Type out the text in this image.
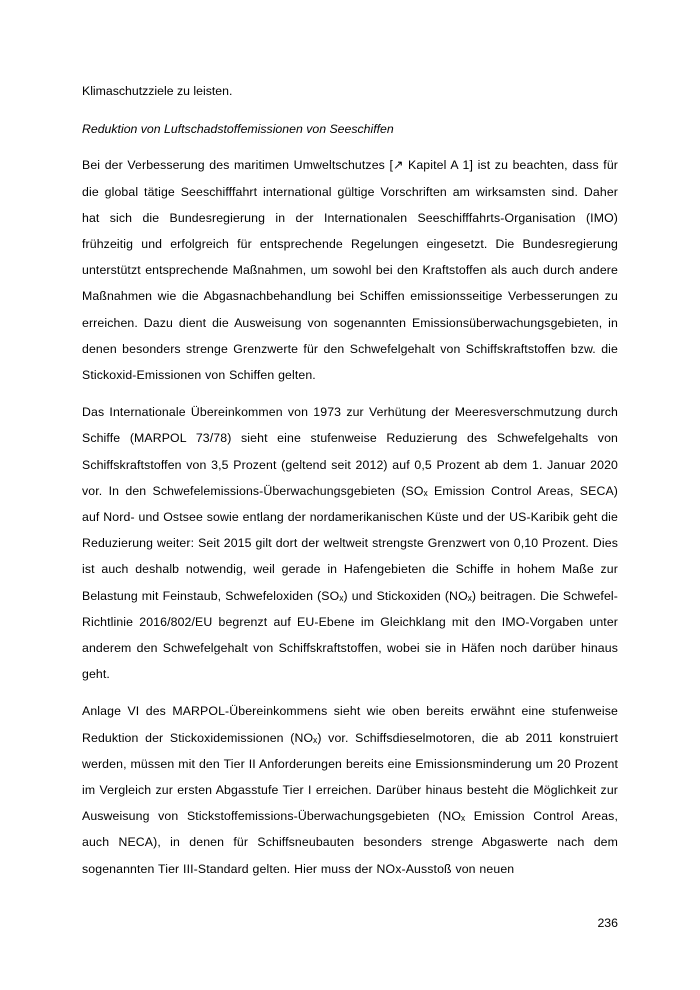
Klimaschutzziele zu leisten.

Reduktion von Luftschadstoffemissionen von Seeschiffen

Bei der Verbesserung des maritimen Umweltschutzes [↗ Kapitel A 1] ist zu beachten, dass für die global tätige Seeschifffahrt international gültige Vorschriften am wirksamsten sind. Daher hat sich die Bundesregierung in der Internationalen Seeschifffahrts-Organisation (IMO) frühzeitig und erfolgreich für entsprechende Regelungen eingesetzt. Die Bundesregierung unterstützt entsprechende Maßnahmen, um sowohl bei den Kraftstoffen als auch durch andere Maßnahmen wie die Abgasnachbehandlung bei Schiffen emissionsseitige Verbesserungen zu erreichen. Dazu dient die Ausweisung von sogenannten Emissionsüberwachungsgebieten, in denen besonders strenge Grenzwerte für den Schwefelgehalt von Schiffskraftstoffen bzw. die Stickoxid-Emissionen von Schiffen gelten.

Das Internationale Übereinkommen von 1973 zur Verhütung der Meeresverschmutzung durch Schiffe (MARPOL 73/78) sieht eine stufenweise Reduzierung des Schwefelgehalts von Schiffskraftstoffen von 3,5 Prozent (geltend seit 2012) auf 0,5 Prozent ab dem 1. Januar 2020 vor. In den Schwefelemissions-Überwachungsgebieten (SOₓ Emission Control Areas, SECA) auf Nord- und Ostsee sowie entlang der nordamerikanischen Küste und der US-Karibik geht die Reduzierung weiter: Seit 2015 gilt dort der weltweit strengste Grenzwert von 0,10 Prozent. Dies ist auch deshalb notwendig, weil gerade in Hafengebieten die Schiffe in hohem Maße zur Belastung mit Feinstaub, Schwefeloxiden (SOₓ) und Stickoxiden (NOₓ) beitragen. Die Schwefel-Richtlinie 2016/802/EU begrenzt auf EU-Ebene im Gleichklang mit den IMO-Vorgaben unter anderem den Schwefelgehalt von Schiffskraftstoffen, wobei sie in Häfen noch darüber hinaus geht.

Anlage VI des MARPOL-Übereinkommens sieht wie oben bereits erwähnt eine stufenweise Reduktion der Stickoxidemissionen (NOₓ) vor. Schiffsdieselmotoren, die ab 2011 konstruiert werden, müssen mit den Tier II Anforderungen bereits eine Emissionsminderung um 20 Prozent im Vergleich zur ersten Abgasstufe Tier I erreichen. Darüber hinaus besteht die Möglichkeit zur Ausweisung von Stickstoffemissions-Überwachungsgebieten (NOₓ Emission Control Areas, auch NECA), in denen für Schiffsneubauten besonders strenge Abgaswerte nach dem sogenannten Tier III-Standard gelten. Hier muss der NOx-Ausstoß von neuen

236
